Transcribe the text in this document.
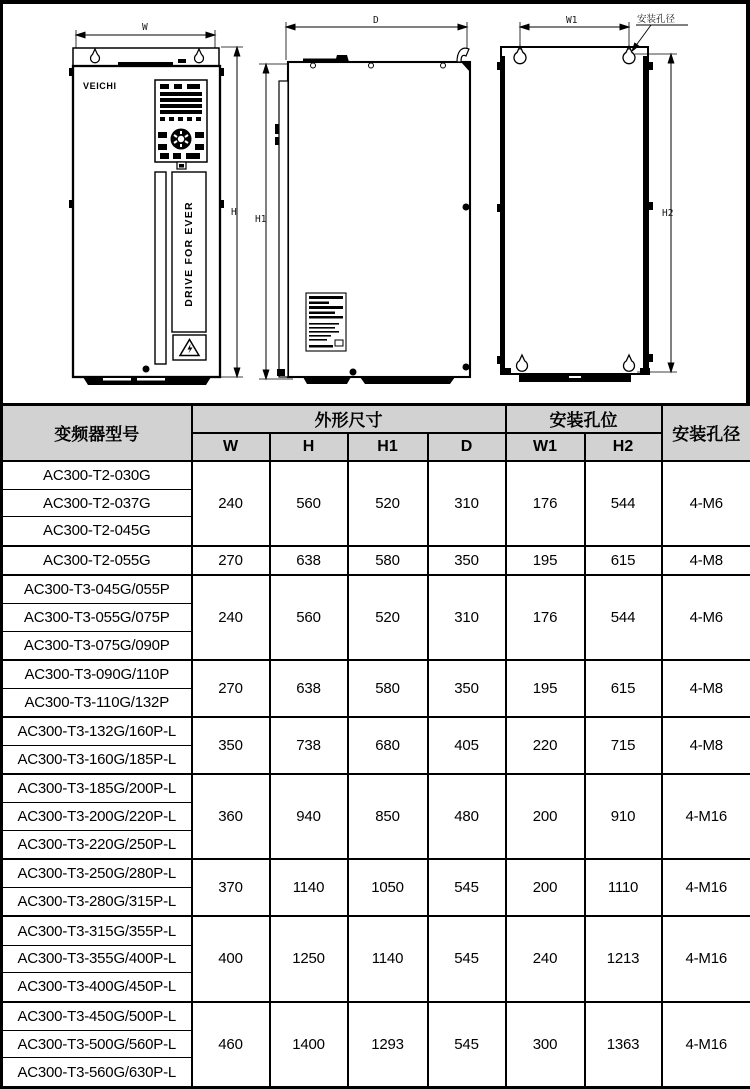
W
H
VEICHI
DRIVE FOR EVER
D
H1
W1	安装孔径
H2
变频器型号	外形尺寸				安装孔位		安装孔径
	W	H	H1	D	W1	H2	
AC300-T2-030G	240	560	520	310	176	544	4-M6
AC300-T2-037G							
AC300-T2-045G							
AC300-T2-055G	270	638	580	350	195	615	4-M8
AC300-T3-045G/055P	240	560	520	310	176	544	4-M6
AC300-T3-055G/075P							
AC300-T3-075G/090P							
AC300-T3-090G/110P	270	638	580	350	195	615	4-M8
AC300-T3-110G/132P							
AC300-T3-132G/160P-L	350	738	680	405	220	715	4-M8
AC300-T3-160G/185P-L							
AC300-T3-185G/200P-L	360	940	850	480	200	910	4-M16
AC300-T3-200G/220P-L							
AC300-T3-220G/250P-L							
AC300-T3-250G/280P-L	370	1140	1050	545	200	1110	4-M16
AC300-T3-280G/315P-L							
AC300-T3-315G/355P-L	400	1250	1140	545	240	1213	4-M16
AC300-T3-355G/400P-L							
AC300-T3-400G/450P-L							
AC300-T3-450G/500P-L	460	1400	1293	545	300	1363	4-M16
AC300-T3-500G/560P-L							
AC300-T3-560G/630P-L							
